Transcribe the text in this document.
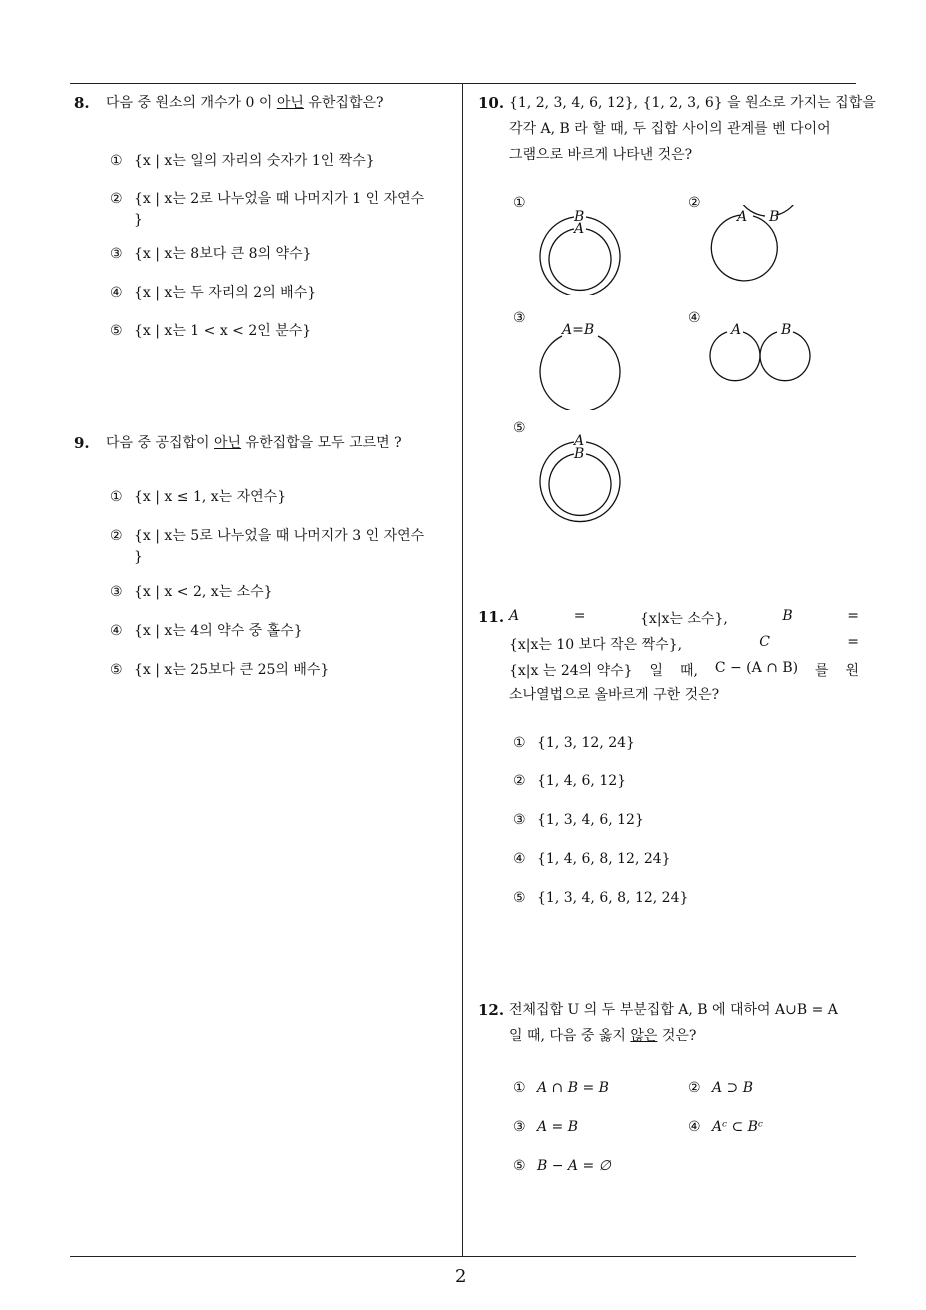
2
8. 다음 중 원소의 개수가 0 이 아닌 유한집합은?
① {x | x는 일의 자리의 숫자가 1인 짝수}
② {x | x는 2로 나누었을 때 나머지가 1 인 자연수
}
③ {x | x는 8보다 큰 8의 약수}
④ {x | x는 두 자리의 2의 배수}
⑤ {x | x는 1 < x < 2인 분수}
9. 다음 중 공집합이 아닌 유한집합을 모두 고르면 ?
① {x | x ≤ 1, x는 자연수}
② {x | x는 5로 나누었을 때 나머지가 3 인 자연수
}
③ {x | x < 2, x는 소수}
④ {x | x는 4의 약수 중 홀수}
⑤ {x | x는 25보다 큰 25의 배수}
10. {1, 2, 3, 4, 6, 12}, {1, 2, 3, 6} 을 원소로 가지는 집합을
각각 A, B 라 할 때, 두 집합 사이의 관계를 벤 다이어
그램으로 바르게 나타낸 것은?
①
B
A
②
A B
③
A=B
④
A	B
⑤
A
B
11. A	=	{x|x는 소수},	B	=
{x|x는 10 보다 작은 짝수},	C	=
{x|x 는 24의 약수} 일 때, C − (A ∩ B) 를 원
소나열법으로 올바르게 구한 것은?
① {1, 3, 12, 24}
② {1, 4, 6, 12}
③ {1, 3, 4, 6, 12}
④ {1, 4, 6, 8, 12, 24}
⑤ {1, 3, 4, 6, 8, 12, 24}
12. 전체집합 U 의 두 부분집합 A, B 에 대하여 A∪B = A
일 때, 다음 중 옳지 않은 것은?
① A ∩ B = B	② A ⊃ B
③ A = B	④ Aᶜ ⊂ Bᶜ
⑤ B − A = ∅
